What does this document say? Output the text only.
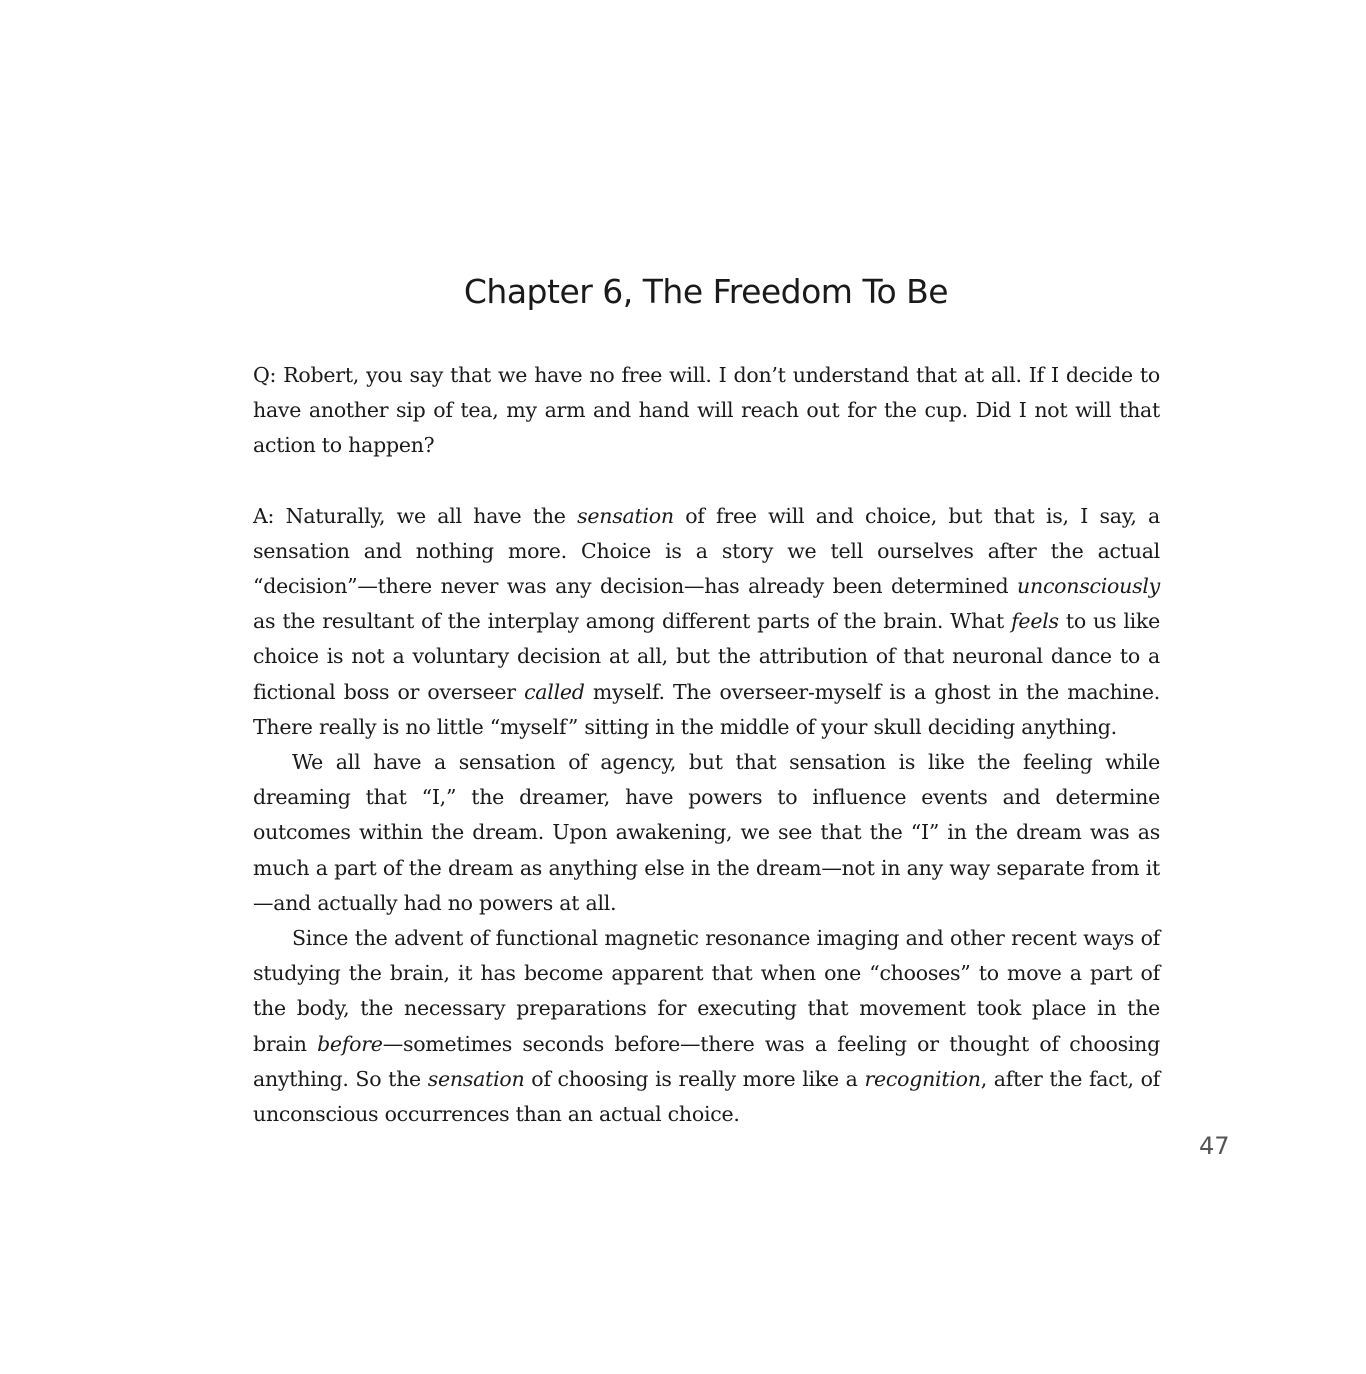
Chapter 6, The Freedom To Be

Q: Robert, you say that we have no free will. I don’t understand that at all. If I decide to have another sip of tea, my arm and hand will reach out for the cup. Did I not will that action to happen?

A: Naturally, we all have the sensation of free will and choice, but that is, I say, a sensation and nothing more. Choice is a story we tell ourselves after the actual “decision”—there never was any decision—has already been determined unconsciously as the resultant of the interplay among different parts of the brain. What feels to us like choice is not a voluntary decision at all, but the attribution of that neuronal dance to a fictional boss or overseer called myself. The overseer-myself is a ghost in the machine. There really is no little “myself” sitting in the middle of your skull deciding anything.

We all have a sensation of agency, but that sensation is like the feeling while dreaming that “I,” the dreamer, have powers to influence events and determine outcomes within the dream. Upon awakening, we see that the “I” in the dream was as much a part of the dream as anything else in the dream—not in any way separate from it—and actually had no powers at all.

Since the advent of functional magnetic resonance imaging and other recent ways of studying the brain, it has become apparent that when one “chooses” to move a part of the body, the necessary preparations for executing that movement took place in the brain before—sometimes seconds before—there was a feeling or thought of choosing anything. So the sensation of choosing is really more like a recognition, after the fact, of unconscious occurrences than an actual choice.

47
